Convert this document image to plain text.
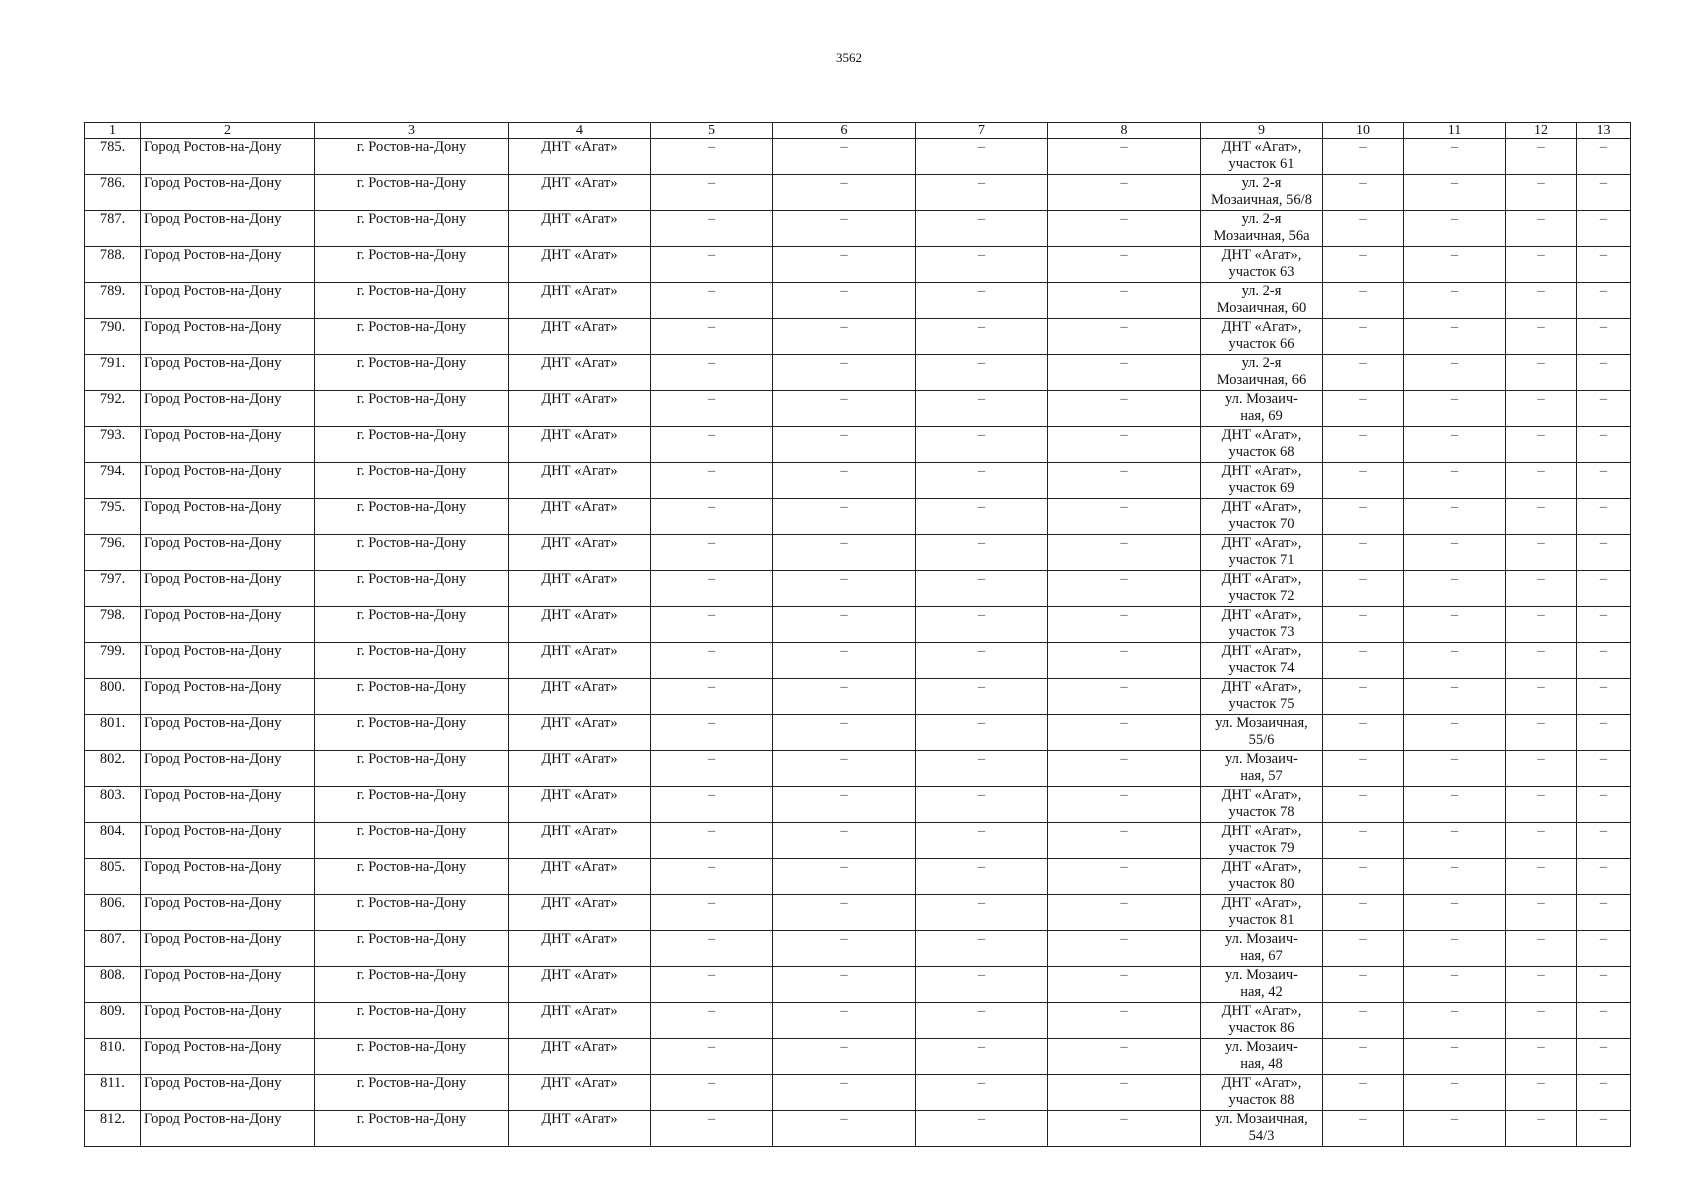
3562
1	2	3	4	5	6	7	8	9	10	11	12	13
785.	Город Ростов-на-Дону	г. Ростов-на-Дону	ДНТ «Агат»	–	–	–	–	ДНТ «Агат»,
участок 61	–	–	–	–
786.	Город Ростов-на-Дону	г. Ростов-на-Дону	ДНТ «Агат»	–	–	–	–	ул. 2-я
Мозаичная, 56/8	–	–	–	–
787.	Город Ростов-на-Дону	г. Ростов-на-Дону	ДНТ «Агат»	–	–	–	–	ул. 2-я
Мозаичная, 56а	–	–	–	–
788.	Город Ростов-на-Дону	г. Ростов-на-Дону	ДНТ «Агат»	–	–	–	–	ДНТ «Агат»,
участок 63	–	–	–	–
789.	Город Ростов-на-Дону	г. Ростов-на-Дону	ДНТ «Агат»	–	–	–	–	ул. 2-я
Мозаичная, 60	–	–	–	–
790.	Город Ростов-на-Дону	г. Ростов-на-Дону	ДНТ «Агат»	–	–	–	–	ДНТ «Агат»,
участок 66	–	–	–	–
791.	Город Ростов-на-Дону	г. Ростов-на-Дону	ДНТ «Агат»	–	–	–	–	ул. 2-я
Мозаичная, 66	–	–	–	–
792.	Город Ростов-на-Дону	г. Ростов-на-Дону	ДНТ «Агат»	–	–	–	–	ул. Мозаич-
ная, 69	–	–	–	–
793.	Город Ростов-на-Дону	г. Ростов-на-Дону	ДНТ «Агат»	–	–	–	–	ДНТ «Агат»,
участок 68	–	–	–	–
794.	Город Ростов-на-Дону	г. Ростов-на-Дону	ДНТ «Агат»	–	–	–	–	ДНТ «Агат»,
участок 69	–	–	–	–
795.	Город Ростов-на-Дону	г. Ростов-на-Дону	ДНТ «Агат»	–	–	–	–	ДНТ «Агат»,
участок 70	–	–	–	–
796.	Город Ростов-на-Дону	г. Ростов-на-Дону	ДНТ «Агат»	–	–	–	–	ДНТ «Агат»,
участок 71	–	–	–	–
797.	Город Ростов-на-Дону	г. Ростов-на-Дону	ДНТ «Агат»	–	–	–	–	ДНТ «Агат»,
участок 72	–	–	–	–
798.	Город Ростов-на-Дону	г. Ростов-на-Дону	ДНТ «Агат»	–	–	–	–	ДНТ «Агат»,
участок 73	–	–	–	–
799.	Город Ростов-на-Дону	г. Ростов-на-Дону	ДНТ «Агат»	–	–	–	–	ДНТ «Агат»,
участок 74	–	–	–	–
800.	Город Ростов-на-Дону	г. Ростов-на-Дону	ДНТ «Агат»	–	–	–	–	ДНТ «Агат»,
участок 75	–	–	–	–
801.	Город Ростов-на-Дону	г. Ростов-на-Дону	ДНТ «Агат»	–	–	–	–	ул. Мозаичная,
55/6	–	–	–	–
802.	Город Ростов-на-Дону	г. Ростов-на-Дону	ДНТ «Агат»	–	–	–	–	ул. Мозаич-
ная, 57	–	–	–	–
803.	Город Ростов-на-Дону	г. Ростов-на-Дону	ДНТ «Агат»	–	–	–	–	ДНТ «Агат»,
участок 78	–	–	–	–
804.	Город Ростов-на-Дону	г. Ростов-на-Дону	ДНТ «Агат»	–	–	–	–	ДНТ «Агат»,
участок 79	–	–	–	–
805.	Город Ростов-на-Дону	г. Ростов-на-Дону	ДНТ «Агат»	–	–	–	–	ДНТ «Агат»,
участок 80	–	–	–	–
806.	Город Ростов-на-Дону	г. Ростов-на-Дону	ДНТ «Агат»	–	–	–	–	ДНТ «Агат»,
участок 81	–	–	–	–
807.	Город Ростов-на-Дону	г. Ростов-на-Дону	ДНТ «Агат»	–	–	–	–	ул. Мозаич-
ная, 67	–	–	–	–
808.	Город Ростов-на-Дону	г. Ростов-на-Дону	ДНТ «Агат»	–	–	–	–	ул. Мозаич-
ная, 42	–	–	–	–
809.	Город Ростов-на-Дону	г. Ростов-на-Дону	ДНТ «Агат»	–	–	–	–	ДНТ «Агат»,
участок 86	–	–	–	–
810.	Город Ростов-на-Дону	г. Ростов-на-Дону	ДНТ «Агат»	–	–	–	–	ул. Мозаич-
ная, 48	–	–	–	–
811.	Город Ростов-на-Дону	г. Ростов-на-Дону	ДНТ «Агат»	–	–	–	–	ДНТ «Агат»,
участок 88	–	–	–	–
812.	Город Ростов-на-Дону	г. Ростов-на-Дону	ДНТ «Агат»	–	–	–	–	ул. Мозаичная,
54/3	–	–	–	–
